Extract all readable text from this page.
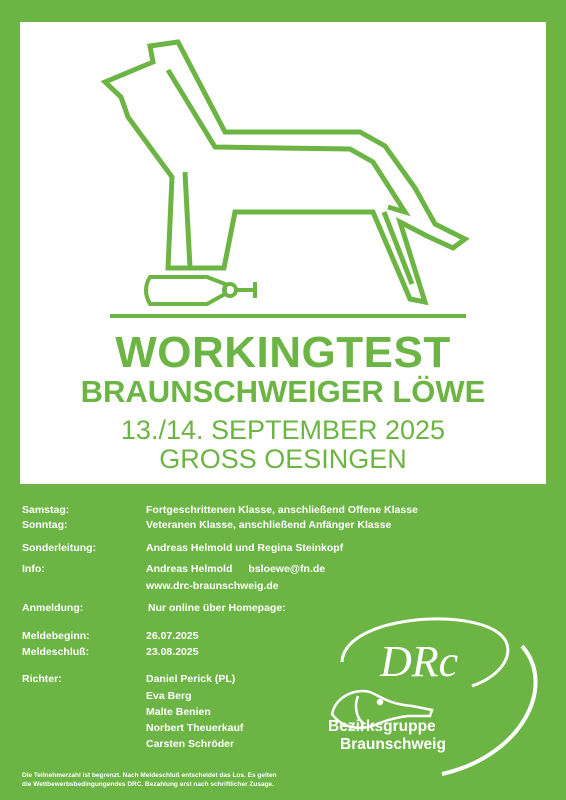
WORKINGTEST
BRAUNSCHWEIGER LÖWE
13./14. SEPTEMBER 2025
GROSS OESINGEN
Samstag:	Fortgeschrittenen Klasse, anschließend Offene Klasse
Sonntag:	Veteranen Klasse, anschließend Anfänger Klasse
Sonderleitung:	Andreas Helmold und Regina Steinkopf
Info:	Andreas Helmold bsloewe@fn.de
www.drc-braunschweig.de
Anmeldung:	Nur online über Homepage:
Meldebeginn:	26.07.2025
Meldeschluß:	23.08.2025
Richter:	Daniel Perick (PL)
Eva Berg
Malte Benien
Norbert Theuerkauf
Carsten Schröder
Die Teilnehmerzahl ist begrenzt. Nach Meldeschluß entscheidet das Los. Es gelten
die Wettbewerbsbedingungendes DRC. Bezahlung erst nach schriftlicher Zusage.
DRc
Bezirksgruppe
Braunschweig
